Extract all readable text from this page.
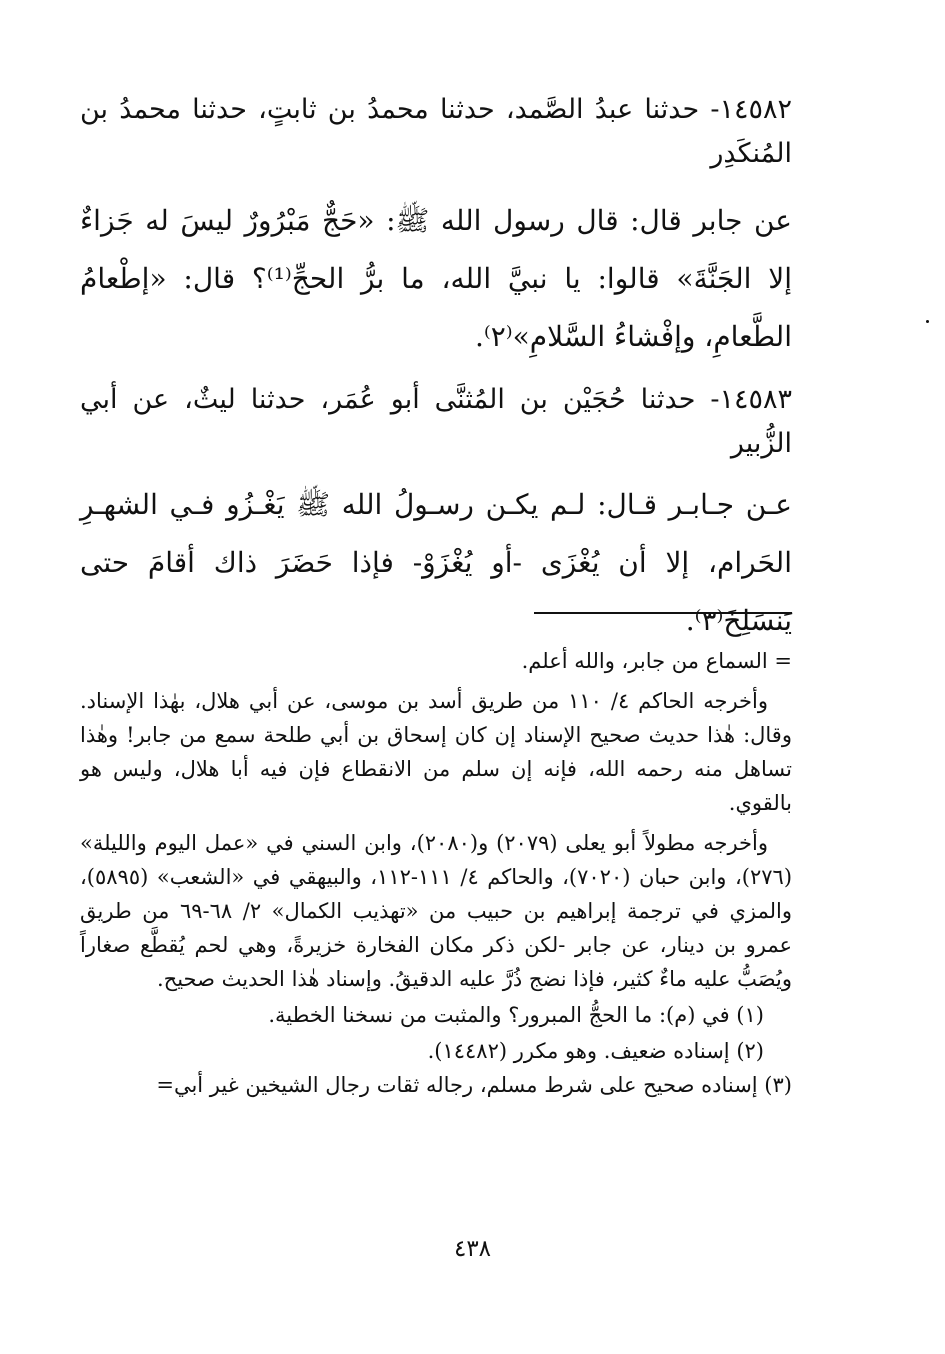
١٤٥٨٢- حدثنا عبدُ الصَّمد، حدثنا محمدُ بن ثابتٍ، حدثنا محمدُ بن المُنكَدِر

عن جابر قال: قال رسول الله ﷺ: «حَجٌّ مَبْرُورٌ ليسَ له جَزاءٌ إلا الجَنَّةَ» قالوا: يا نبيَّ الله، ما برُّ الحجِّ⁽¹⁾؟ قال: «إطْعامُ الطَّعامِ، وإفْشاءُ السَّلامِ»⁽٢⁾.

١٤٥٨٣- حدثنا حُجَيْن بن المُثنَّى أبو عُمَر، حدثنا ليثٌ، عن أبي الزُّبير

عـن جـابـر قـال: لـم يكـن رسـولُ الله ﷺ يَغْـزُو فـي الشهـرِ الحَرام، إلا أن يُغْزَى -أو يُغْزَوْ- فإذا حَضَرَ ذاك أقامَ حتى يَنسَلِخَ⁽٣⁾.

= السماع من جابر، والله أعلم.

وأخرجه الحاكم ٤/ ١١٠ من طريق أسد بن موسى، عن أبي هلال، بهٰذا الإسناد. وقال: هٰذا حديث صحيح الإسناد إن كان إسحاق بن أبي طلحة سمع من جابر! وهٰذا تساهل منه رحمه الله، فإنه إن سلم من الانقطاع فإن فيه أبا هلال، وليس هو بالقوي.

وأخرجه مطولاً أبو يعلى (٢٠٧٩) و(٢٠٨٠)، وابن السني في «عمل اليوم والليلة» (٢٧٦)، وابن حبان (٧٠٢٠)، والحاكم ٤/ ١١١-١١٢، والبيهقي في «الشعب» (٥٨٩٥)، والمزي في ترجمة إبراهيم بن حبيب من «تهذيب الكمال» ٢/ ٦٨-٦٩ من طريق عمرو بن دينار، عن جابر -لكن ذكر مكان الفخارة خزيرةً، وهي لحم يُقطَّع صغاراً ويُصَبُّ عليه ماءٌ كثير، فإذا نضج ذُرَّ عليه الدقيقُ. وإسناد هٰذا الحديث صحيح.

(١) في (م): ما الحجُّ المبرور؟ والمثبت من نسخنا الخطية.

(٢) إسناده ضعيف. وهو مكرر (١٤٤٨٢).

(٣) إسناده صحيح على شرط مسلم، رجاله ثقات رجال الشيخين غير أبي=

٤٣٨
